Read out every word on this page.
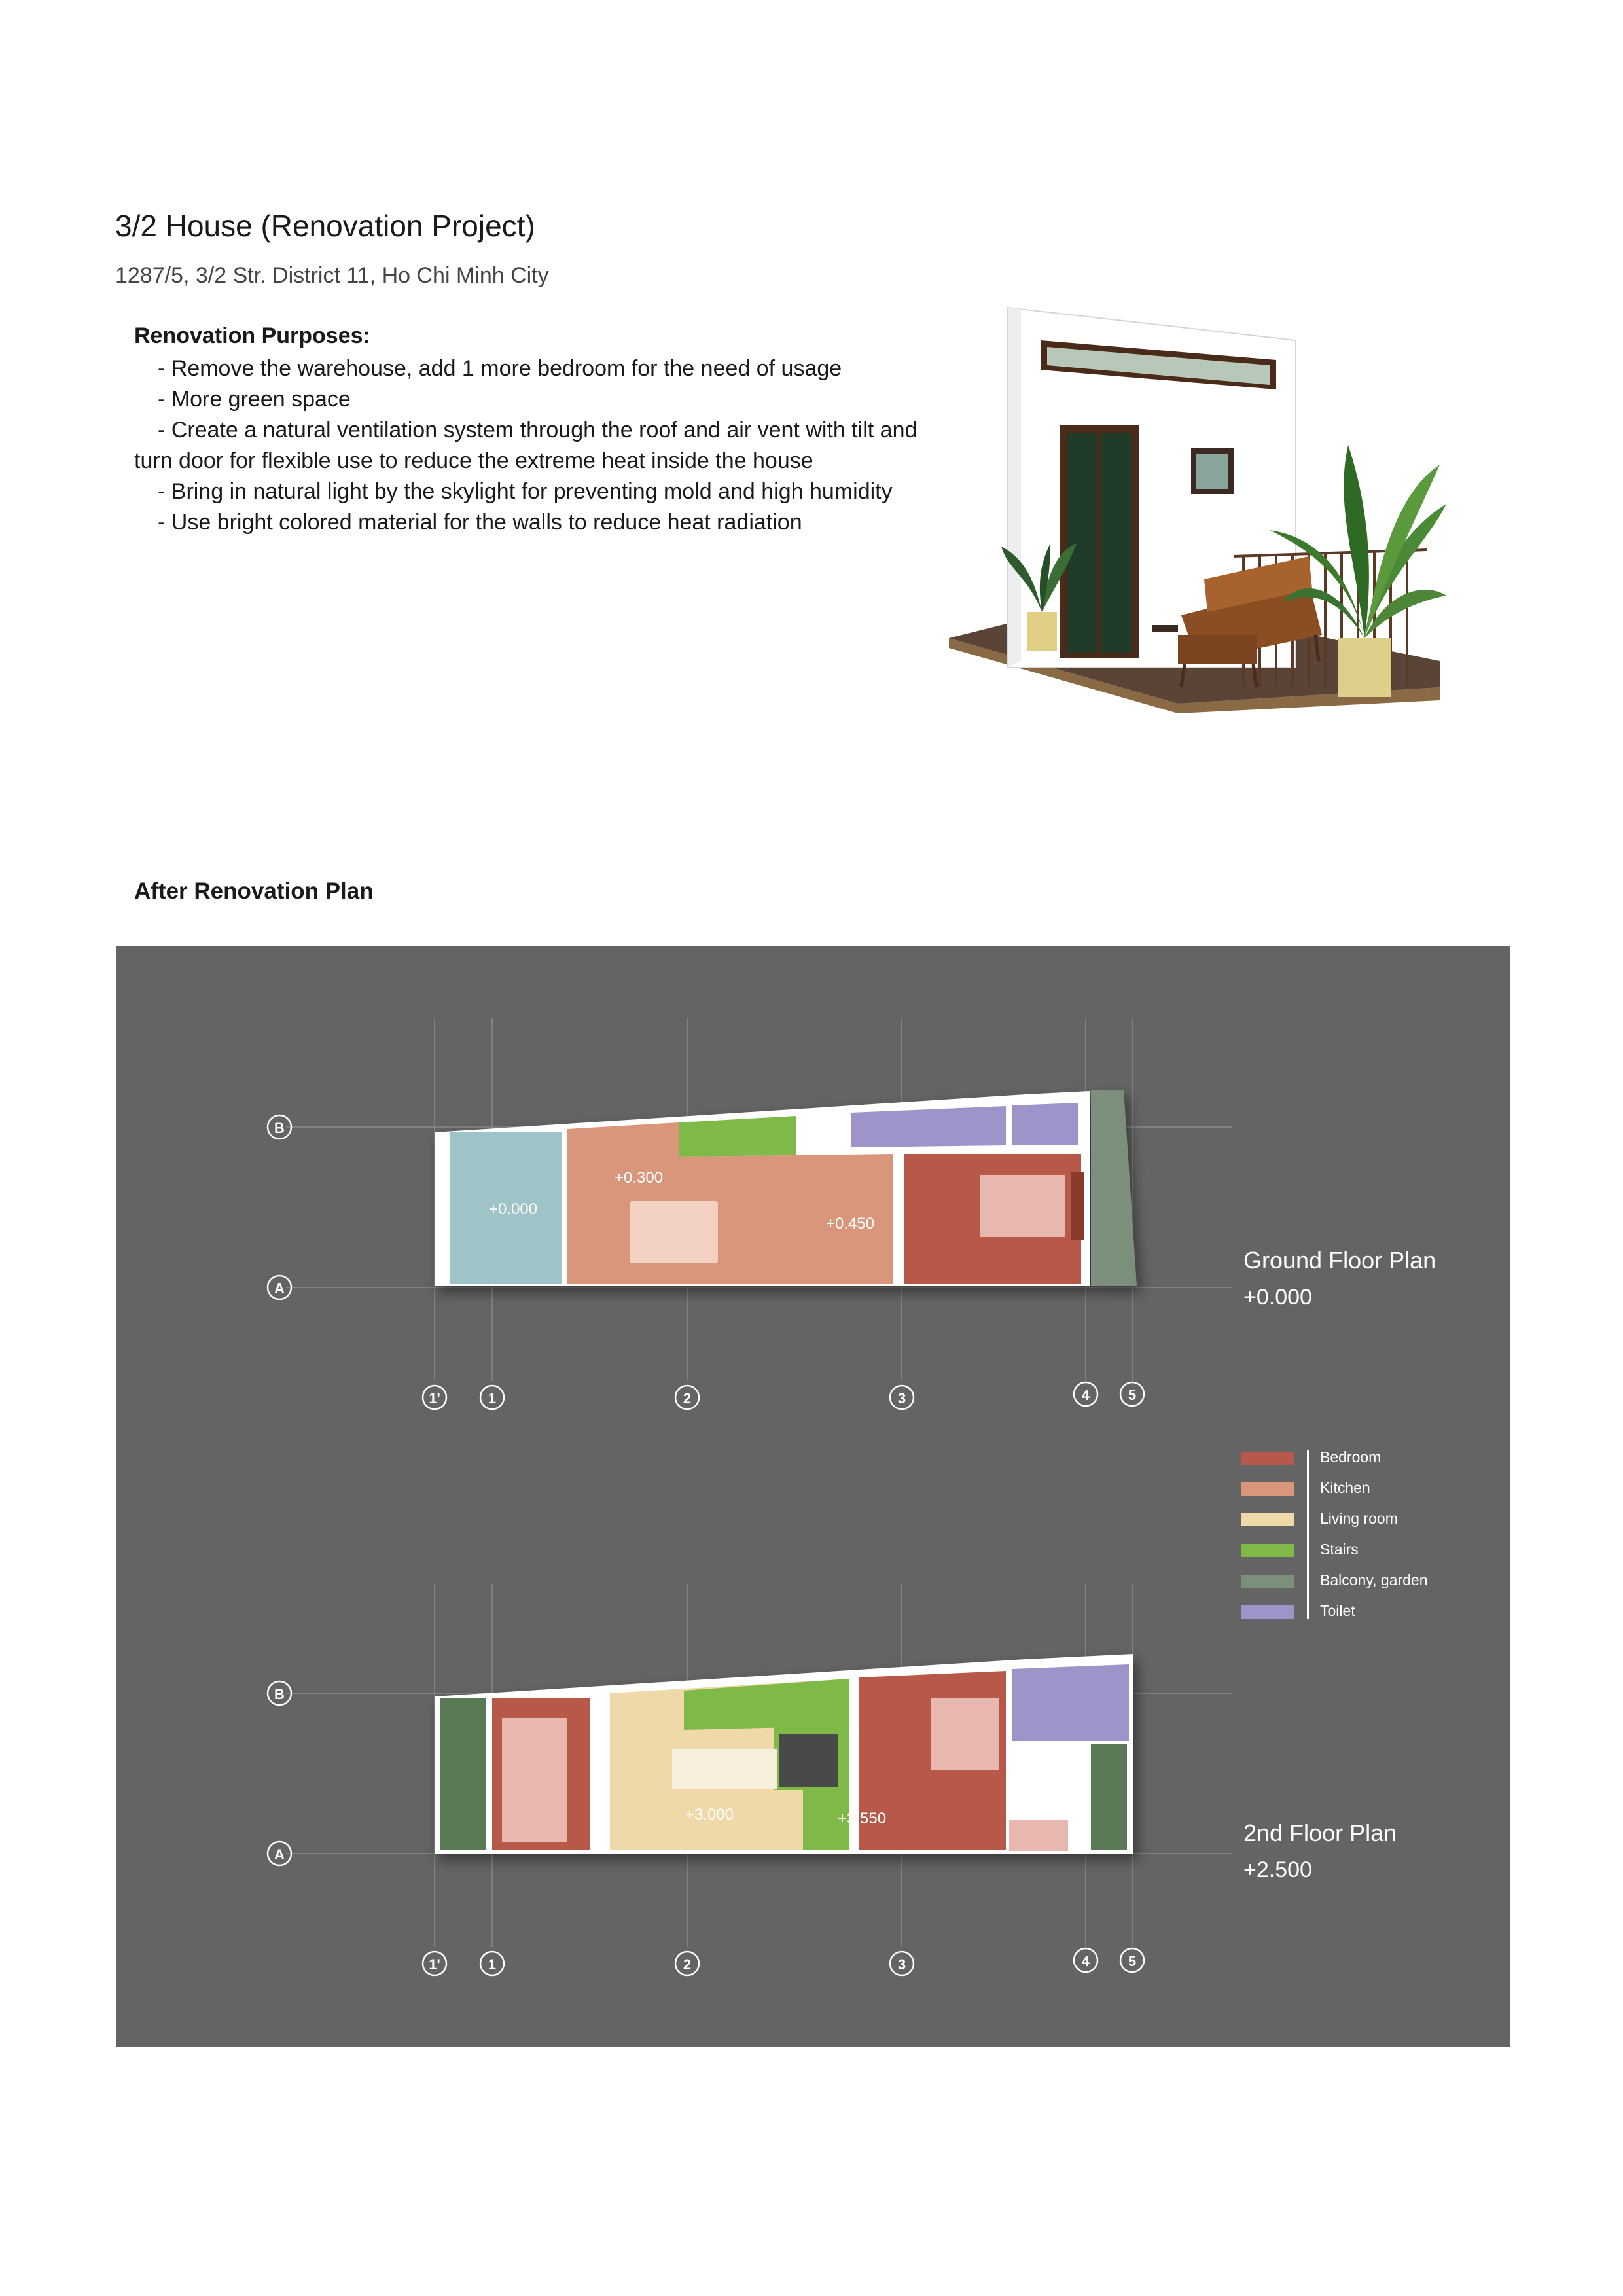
3/2 House (Renovation Project)
1287/5, 3/2 Str. District 11, Ho Chi Minh City
Renovation Purposes:
- Remove the warehouse, add 1 more bedroom for the need of usage
- More green space
- Create a natural ventilation system through the roof and air vent with tilt and turn door for flexible use to reduce the extreme heat inside the house
- Bring in natural light by the skylight for preventing mold and high humidity
- Use bright colored material for the walls to reduce heat radiation
After Renovation Plan
+0.000
+0.300
+0.450
B
A
1'	1	2	3	4	5
+3.000	+3.550
B
A
1'	1	2	3	4	5
Ground Floor Plan
+0.000
2nd Floor Plan
+2.500
Bedroom
Kitchen
Living room
Stairs
Balcony, garden
Toilet
